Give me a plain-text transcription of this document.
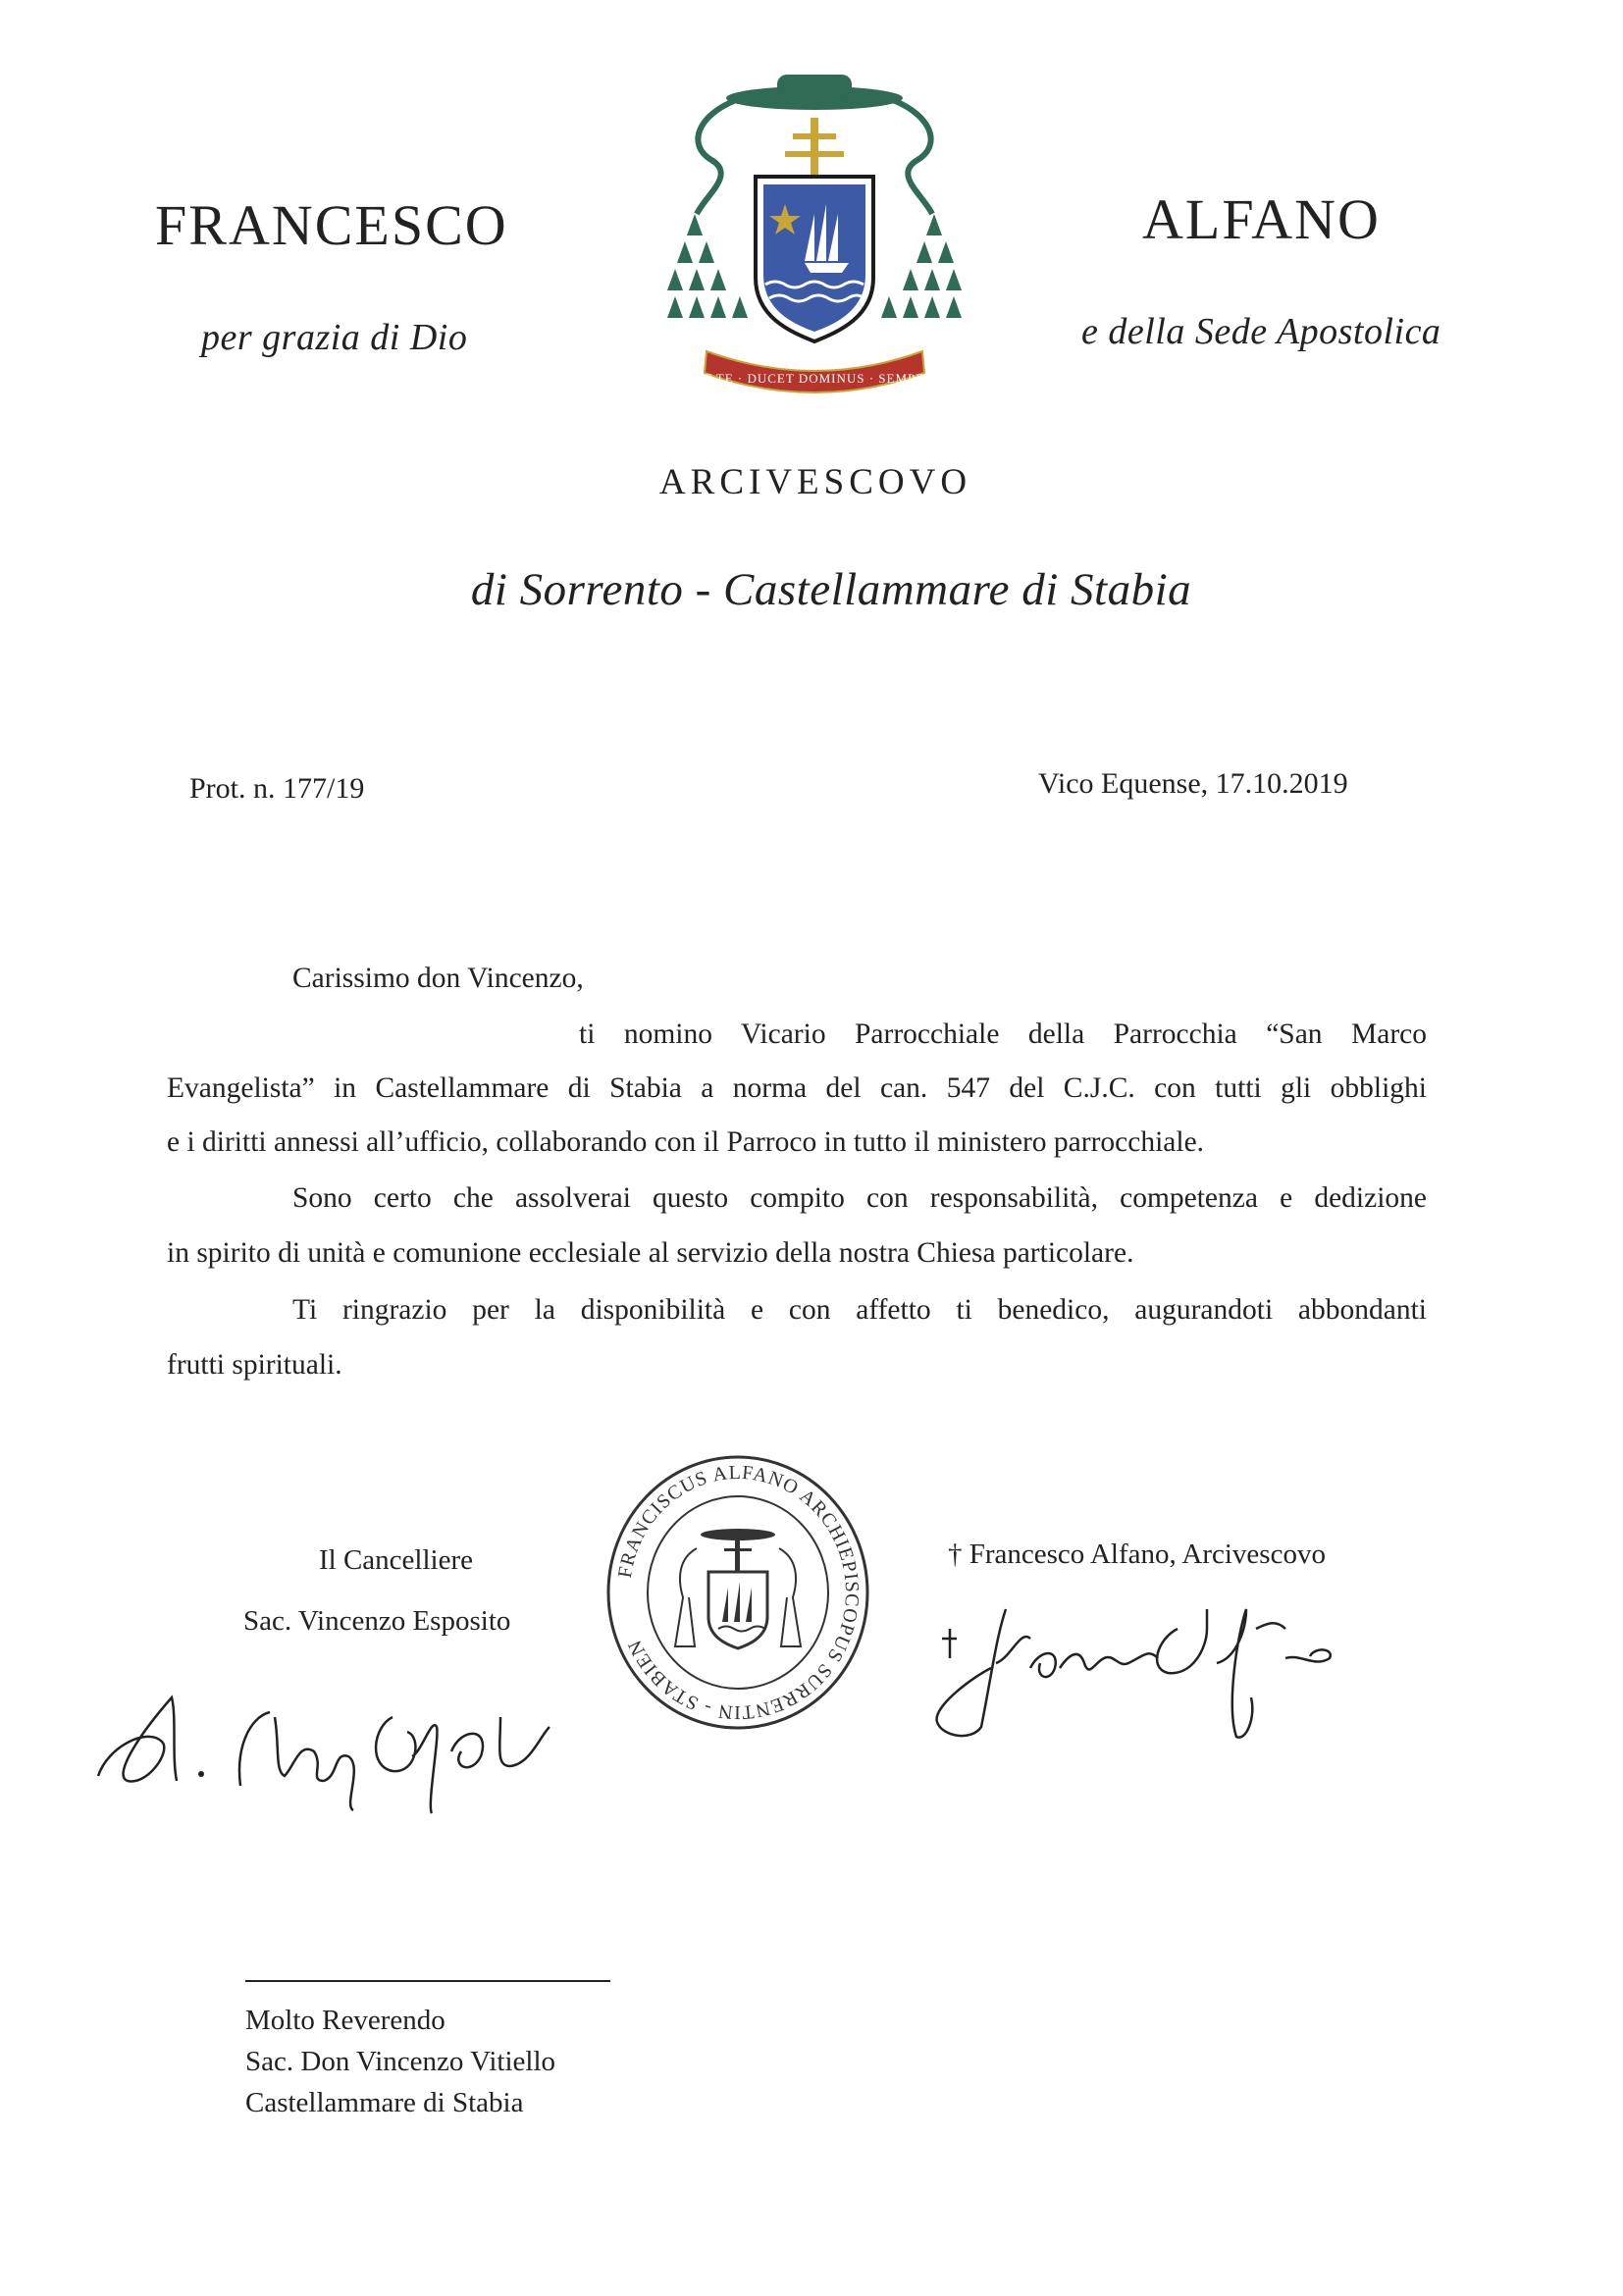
FRANCESCO	ALFANO
per grazia di Dio	e della Sede Apostolica
ET TE · DUCET DOMINUS · SEMPER
ARCIVESCOVO
di Sorrento - Castellammare di Stabia
Prot. n. 177/19	Vico Equense, 17.10.2019
Carissimo don Vincenzo,
ti nomino Vicario Parrocchiale della Parrocchia “San Marco
Evangelista” in Castellammare di Stabia a norma del can. 547 del C.J.C. con tutti gli obblighi
e i diritti annessi all’ufficio, collaborando con il Parroco in tutto il ministero parrocchiale.
Sono certo che assolverai questo compito con responsabilità, competenza e dedizione
in spirito di unità e comunione ecclesiale al servizio della nostra Chiesa particolare.
Ti ringrazio per la disponibilità e con affetto ti benedico, augurandoti abbondanti
frutti spirituali.
Il Cancelliere
Sac. Vincenzo Esposito
† Francesco Alfano, Arcivescovo
FRANCISCUS ALFANO ARCHIEPISCOPUS SURRENTIN - STABIEN
Molto Reverendo
Sac. Don Vincenzo Vitiello
Castellammare di Stabia
